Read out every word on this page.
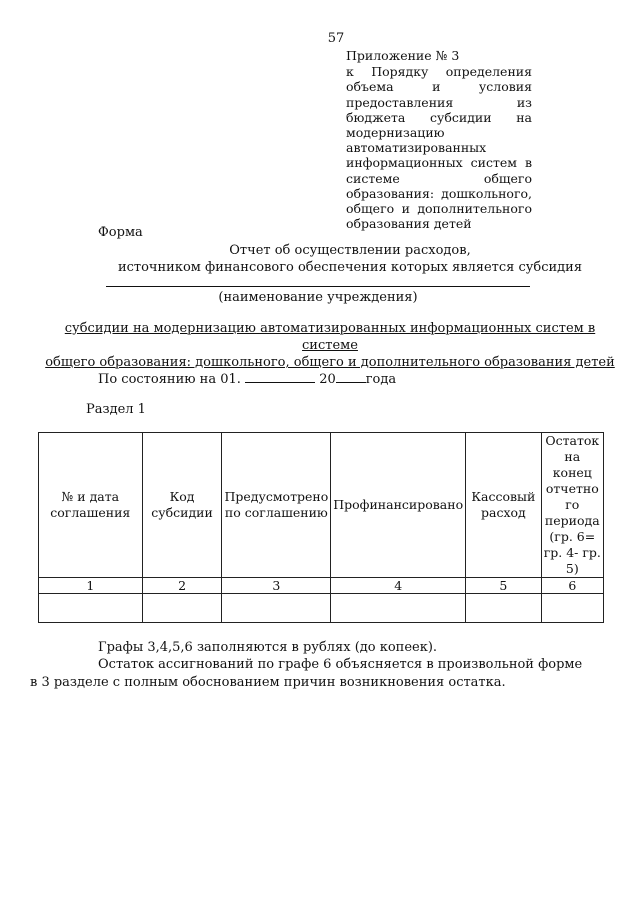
57
Приложение № 3
к Порядку определения объема и условия предоставления из бюджета субсидии на модернизацию автоматизированных информационных систем в системе общего образования: дошкольного, общего и дополнительного образования детей
Форма
Отчет об осуществлении расходов,
источником финансового обеспечения которых является субсидия
(наименование учреждения)
субсидии на модернизацию автоматизированных информационных систем в системе
общего образования: дошкольного, общего и дополнительного образования детей
По состоянию на 01.	20 года
Раздел 1
№ и дата соглашения	Код субсидии	Предусмотрено по соглашению	Профинансировано	Кассовый расход	Остаток на конец отчетно го периода (гр. 6= гр. 4- гр. 5)
1	2	3	4	5	6

Графы 3,4,5,6 заполняются в рублях (до копеек).
Остаток ассигнований по графе 6 объясняется в произвольной форме
в 3 разделе с полным обоснованием причин возникновения остатка.
